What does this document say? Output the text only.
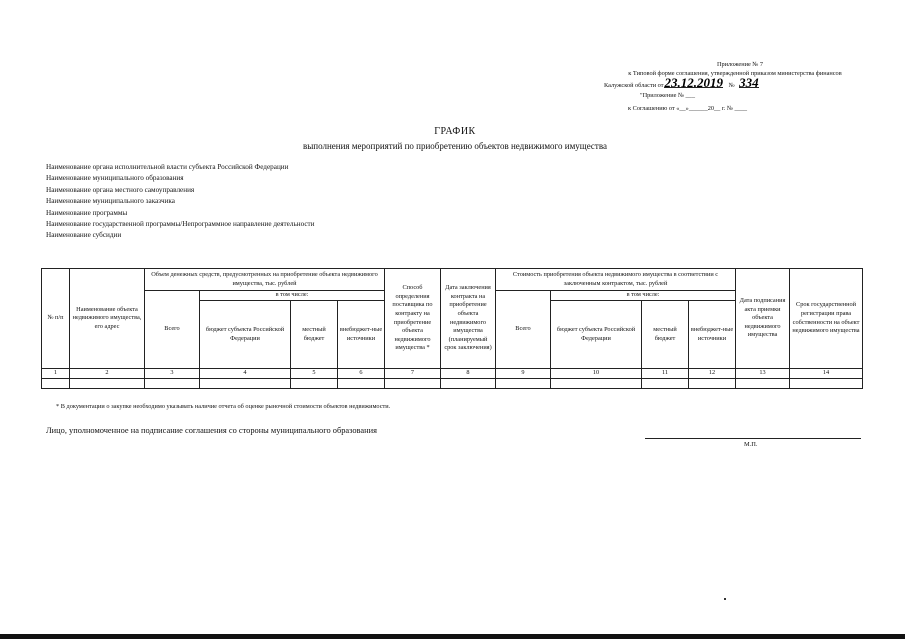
Приложение № 7
к Типовой форме соглашения, утвержденной приказом министерства финансов
Калужской области от23.12.2019 № 334
"Приложение № ___
к Соглашению от «__»______20__ г. № ____
ГРАФИК
выполнения мероприятий по приобретению объектов недвижимого имущества
Наименование органа исполнительной власти субъекта Российской Федерации
Наименование муниципального образования
Наименование органа местного самоуправления
Наименование муниципального заказчика
Наименование программы
Наименование государственной программы/Непрограммное направление деятельности
Наименование субсидии
№ п/п	Наименование объекта недвижимого имущества, его адрес	Объем денежных средств, предусмотренных на приобретение объекта недвижимого имущества, тыс. рублей				Способ определения поставщика по контракту на приобретение объекта недвижимого имущества *	Дата заключения контракта на приобретение объекта недвижимого имущества (планируемый срок заключения)	Стоимость приобретения объекта недвижимого имущества в соответствии с заключенным контрактом, тыс. рублей				Дата подписания акта приемки объекта недвижимого имущества	Срок государственной регистрации права собственности на объект недвижимого имущества
		Всего	в том числе:					Всего	в том числе:				
			бюджет субъекта Российской Федерации	местный бюджет	внебюджет-ные источники				бюджет субъекта Российской Федерации	местный бюджет	внебюджет-ные источники		
1	2	3	4	5	6	7	8	9	10	11	12	13	14

* В документации о закупке необходимо указывать наличие отчета об оценке рыночной стоимости объектов недвижимости.
Лицо, уполномоченное на подписание соглашения со стороны муниципального образования
М.П.
